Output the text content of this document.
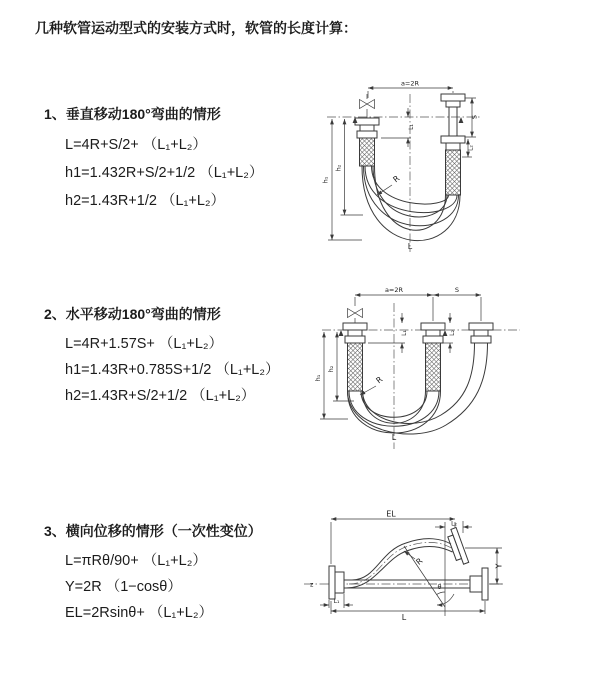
几种软管运动型式的安装方式时，软管的长度计算：
1、垂直移动180°弯曲的情形
L=4R+S/2+ （L₁+L₂）
h1=1.432R+S/2+1/2 （L₁+L₂）
h2=1.43R+1/2 （L₁+L₂）
2、水平移动180°弯曲的情形
L=4R+1.57S+ （L₁+L₂）
h1=1.43R+0.785S+1/2 （L₁+L₂）
h2=1.43R+S/2+1/2 （L₁+L₂）
3、横向位移的情形（一次性变位）
L=πRθ/90+ （L₁+L₂）
Y=2R （1−cosθ）
EL=2Rsinθ+ （L₁+L₂）
a=2R
h₁
h₂
L₁
S
L₂
R
L
a=2R	S
h₁
h₂
L₁	L₂
R
L
z
EL
L₂
Y
L
L₁
θ
R
